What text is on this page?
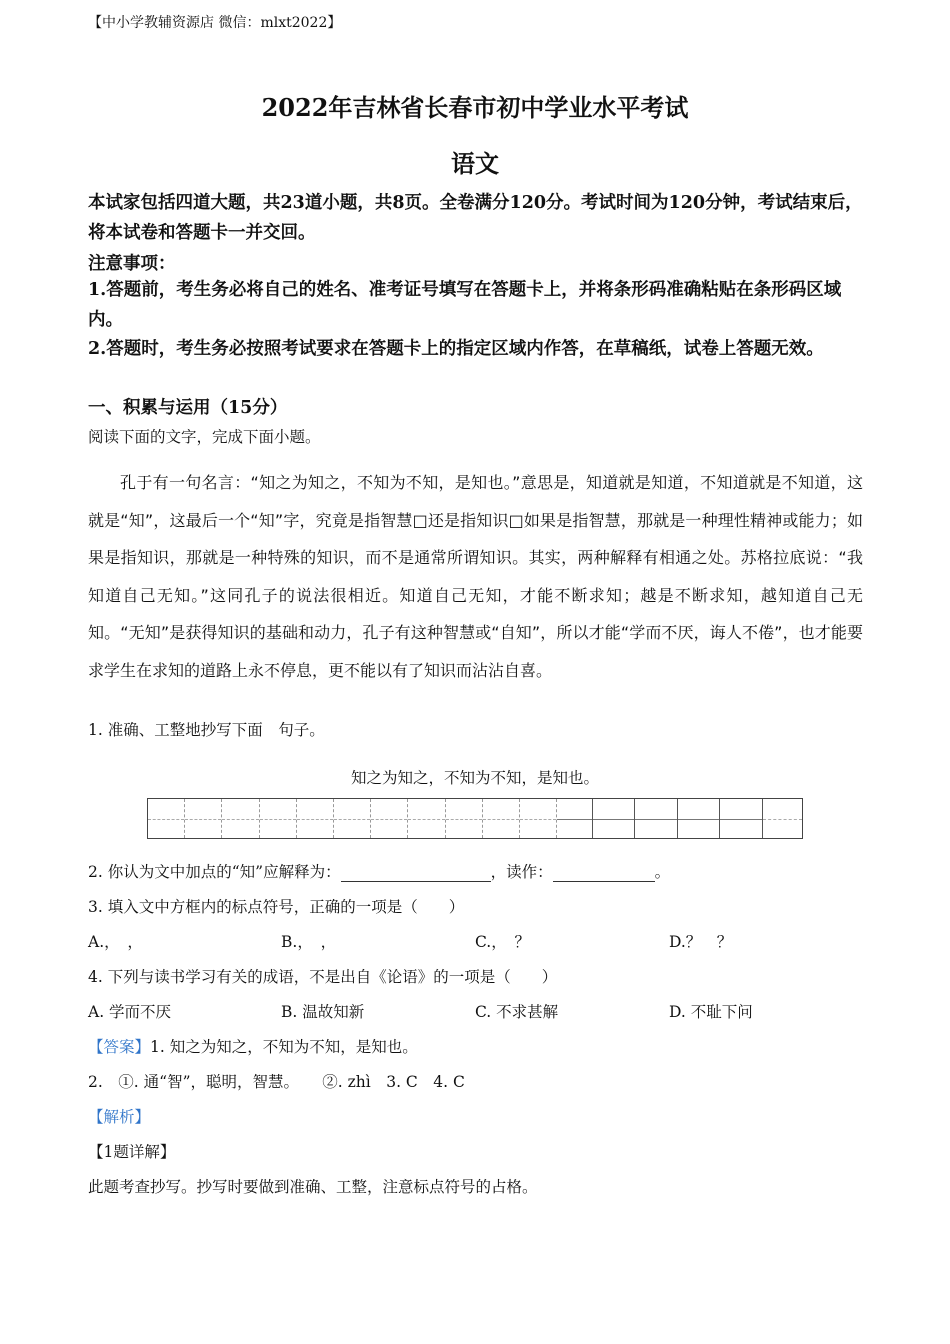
【中小学教辅资源店 微信：mlxt2022】
2022年吉林省长春市初中学业水平考试
语文
本试家包括四道大题，共23道小题，共8页。全卷满分120分。考试时间为120分钟，考试结束后，将本试卷和答题卡一并交回。
注意事项：
1.答题前，考生务必将自己的姓名、准考证号填写在答题卡上，并将条形码准确粘贴在条形码区域内。
2.答题时，考生务必按照考试要求在答题卡上的指定区域内作答，在草稿纸，试卷上答题无效。
一、积累与运用（15分）
阅读下面的文字，完成下面小题。
孔于有一句名言：“知之为知之，不知为不知，是知也。”意思是，知道就是知道，不知道就是不知道，这就是“知”，这最后一个“知”字，究竟是指智慧□还是指知识□如果是指智慧，那就是一种理性精神或能力；如果是指知识，那就是一种特殊的知识，而不是通常所谓知识。其实，两种解释有相通之处。苏格拉底说：“我知道自己无知。”这同孔子的说法很相近。知道自己无知，才能不断求知；越是不断求知，越知道自己无知。“无知”是获得知识的基础和动力，孔子有这种智慧或“自知”，所以才能“学而不厌，诲人不倦”，也才能要求学生在求知的道路上永不停息，更不能以有了知识而沾沾自喜。
1. 准确、工整地抄写下面　句子。
知之为知之，不知为不知，是知也。
2. 你认为文中加点的“知”应解释为：	，读作：	。
3. 填入文中方框内的标点符号，正确的一项是（　　）
A.，　，	B.，　，	C.，　？	D.？　？
4. 下列与读书学习有关的成语，不是出自《论语》的一项是（　　）
A. 学而不厌	B. 温故知新	C. 不求甚解	D. 不耻下问
【答案】1. 知之为知之，不知为不知，是知也。
2.　①. 通“智”，聪明，智慧。　　②. zhì　3. C　4. C
【解析】
【1题详解】
此题考查抄写。抄写时要做到准确、工整，注意标点符号的占格。
